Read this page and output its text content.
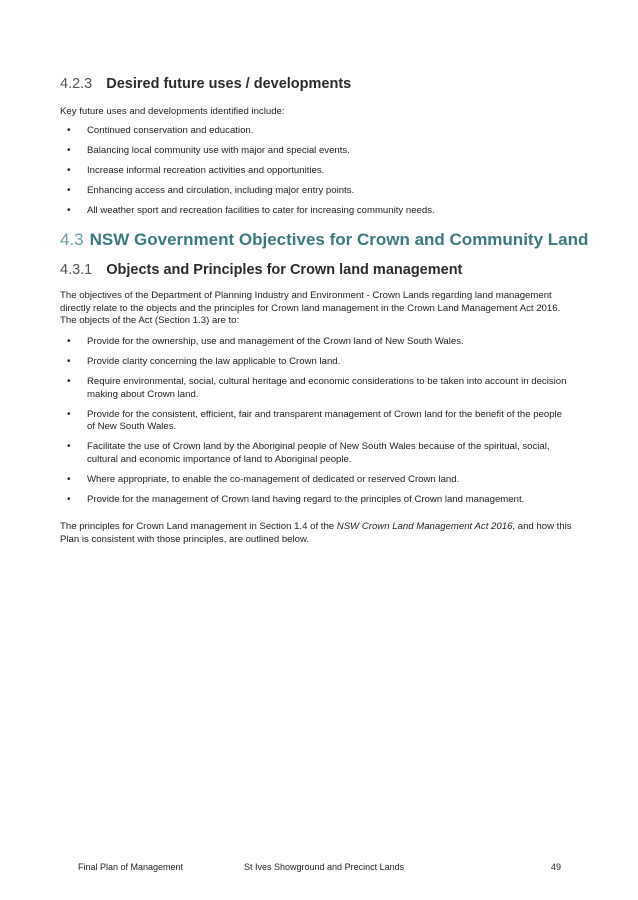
4.2.3 Desired future uses / developments

Key future uses and developments identified include:

• Continued conservation and education.
• Balancing local community use with major and special events.
• Increase informal recreation activities and opportunities.
• Enhancing access and circulation, including major entry points.
• All weather sport and recreation facilities to cater for increasing community needs.
4.3 NSW Government Objectives for Crown and Community Land
4.3.1 Objects and Principles for Crown land management

The objectives of the Department of Planning Industry and Environment - Crown Lands regarding land management directly relate to the objects and the principles for Crown land management in the Crown Land Management Act 2016. The objects of the Act (Section 1.3) are to:

• Provide for the ownership, use and management of the Crown land of New South Wales.
• Provide clarity concerning the law applicable to Crown land.
• Require environmental, social, cultural heritage and economic considerations to be taken into account in decision making about Crown land.
• Provide for the consistent, efficient, fair and transparent management of Crown land for the benefit of the people of New South Wales.
• Facilitate the use of Crown land by the Aboriginal people of New South Wales because of the spiritual, social, cultural and economic importance of land to Aboriginal people.
• Where appropriate, to enable the co-management of dedicated or reserved Crown land.
• Provide for the management of Crown land having regard to the principles of Crown land management.

The principles for Crown Land management in Section 1.4 of the NSW Crown Land Management Act 2016, and how this Plan is consistent with those principles, are outlined below.

Final Plan of Management	St Ives Showground and Precinct Lands	49
